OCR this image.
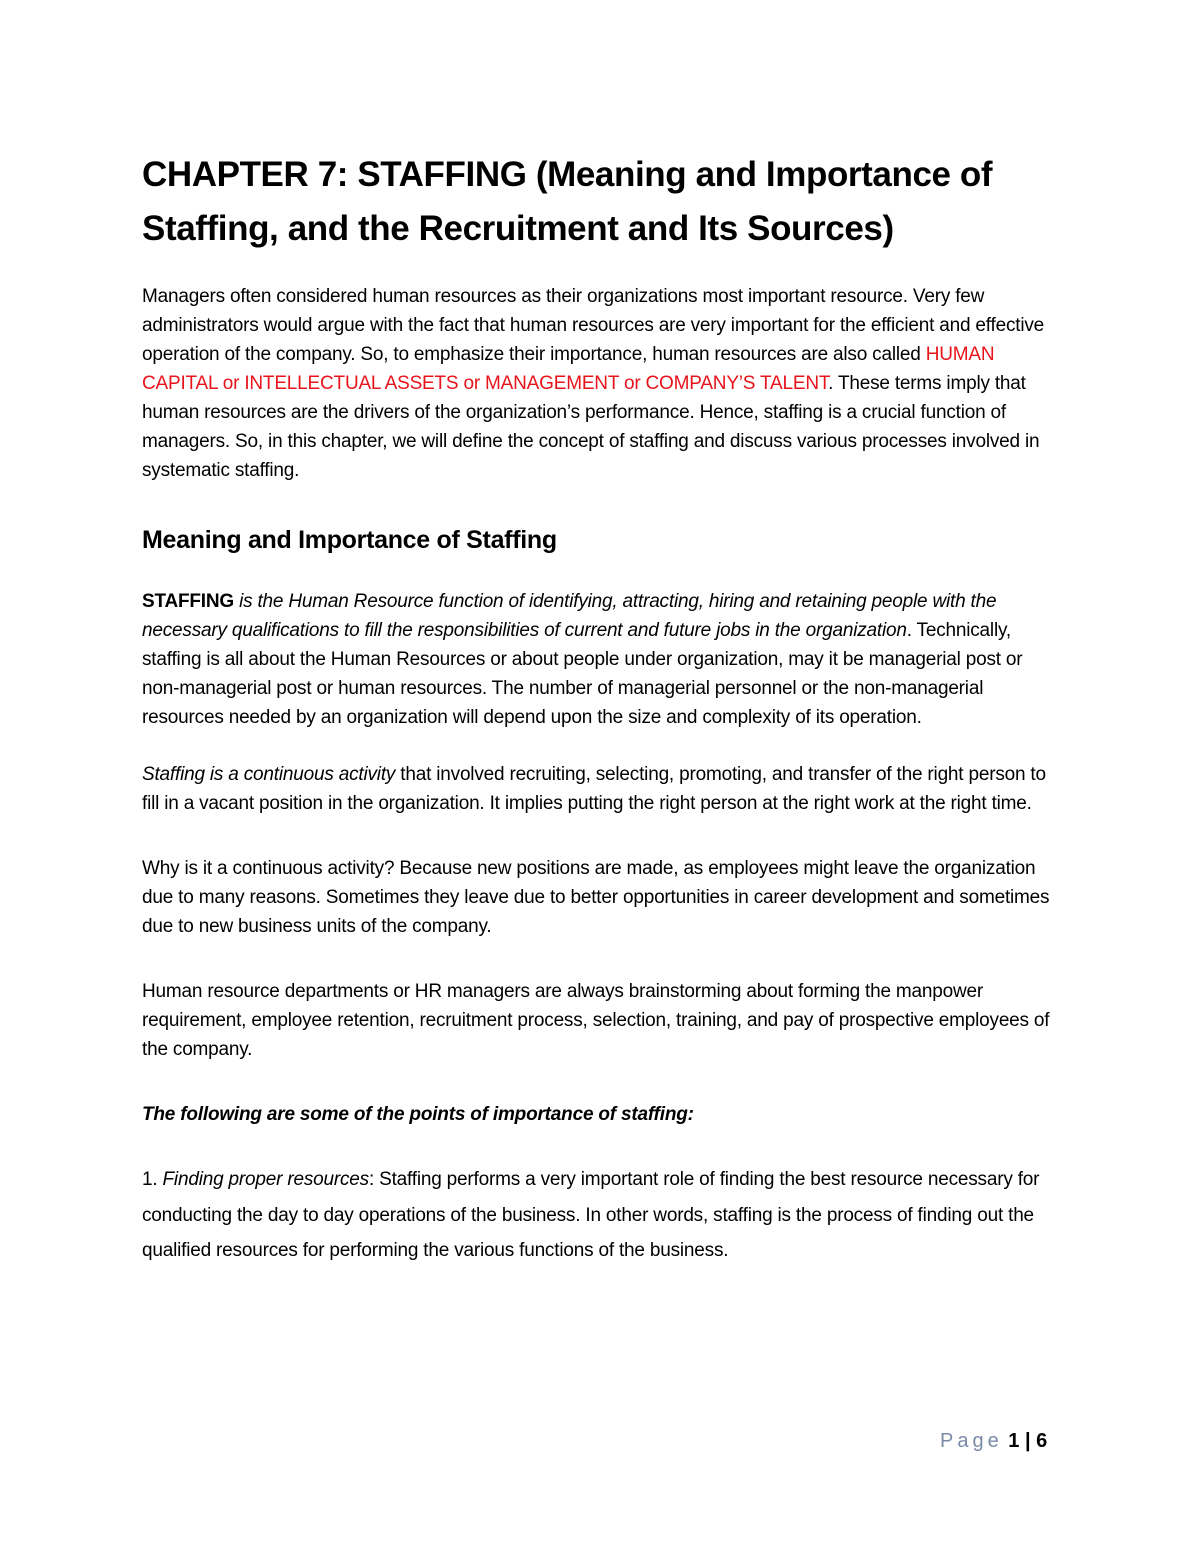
CHAPTER 7: STAFFING (Meaning and Importance of Staffing, and the Recruitment and Its Sources)

Managers often considered human resources as their organizations most important resource. Very few administrators would argue with the fact that human resources are very important for the efficient and effective operation of the company. So, to emphasize their importance, human resources are also called HUMAN CAPITAL or INTELLECTUAL ASSETS or MANAGEMENT or COMPANY’S TALENT. These terms imply that human resources are the drivers of the organization’s performance. Hence, staffing is a crucial function of managers. So, in this chapter, we will define the concept of staffing and discuss various processes involved in systematic staffing.

Meaning and Importance of Staffing

STAFFING is the Human Resource function of identifying, attracting, hiring and retaining people with the necessary qualifications to fill the responsibilities of current and future jobs in the organization. Technically, staffing is all about the Human Resources or about people under organization, may it be managerial post or non-managerial post or human resources. The number of managerial personnel or the non-managerial resources needed by an organization will depend upon the size and complexity of its operation.

Staffing is a continuous activity that involved recruiting, selecting, promoting, and transfer of the right person to fill in a vacant position in the organization. It implies putting the right person at the right work at the right time.

Why is it a continuous activity? Because new positions are made, as employees might leave the organization due to many reasons. Sometimes they leave due to better opportunities in career development and sometimes due to new business units of the company.

Human resource departments or HR managers are always brainstorming about forming the manpower requirement, employee retention, recruitment process, selection, training, and pay of prospective employees of the company.

The following are some of the points of importance of staffing:

1. Finding proper resources: Staffing performs a very important role of finding the best resource necessary for conducting the day to day operations of the business. In other words, staffing is the process of finding out the qualified resources for performing the various functions of the business.

Page 1 | 6
